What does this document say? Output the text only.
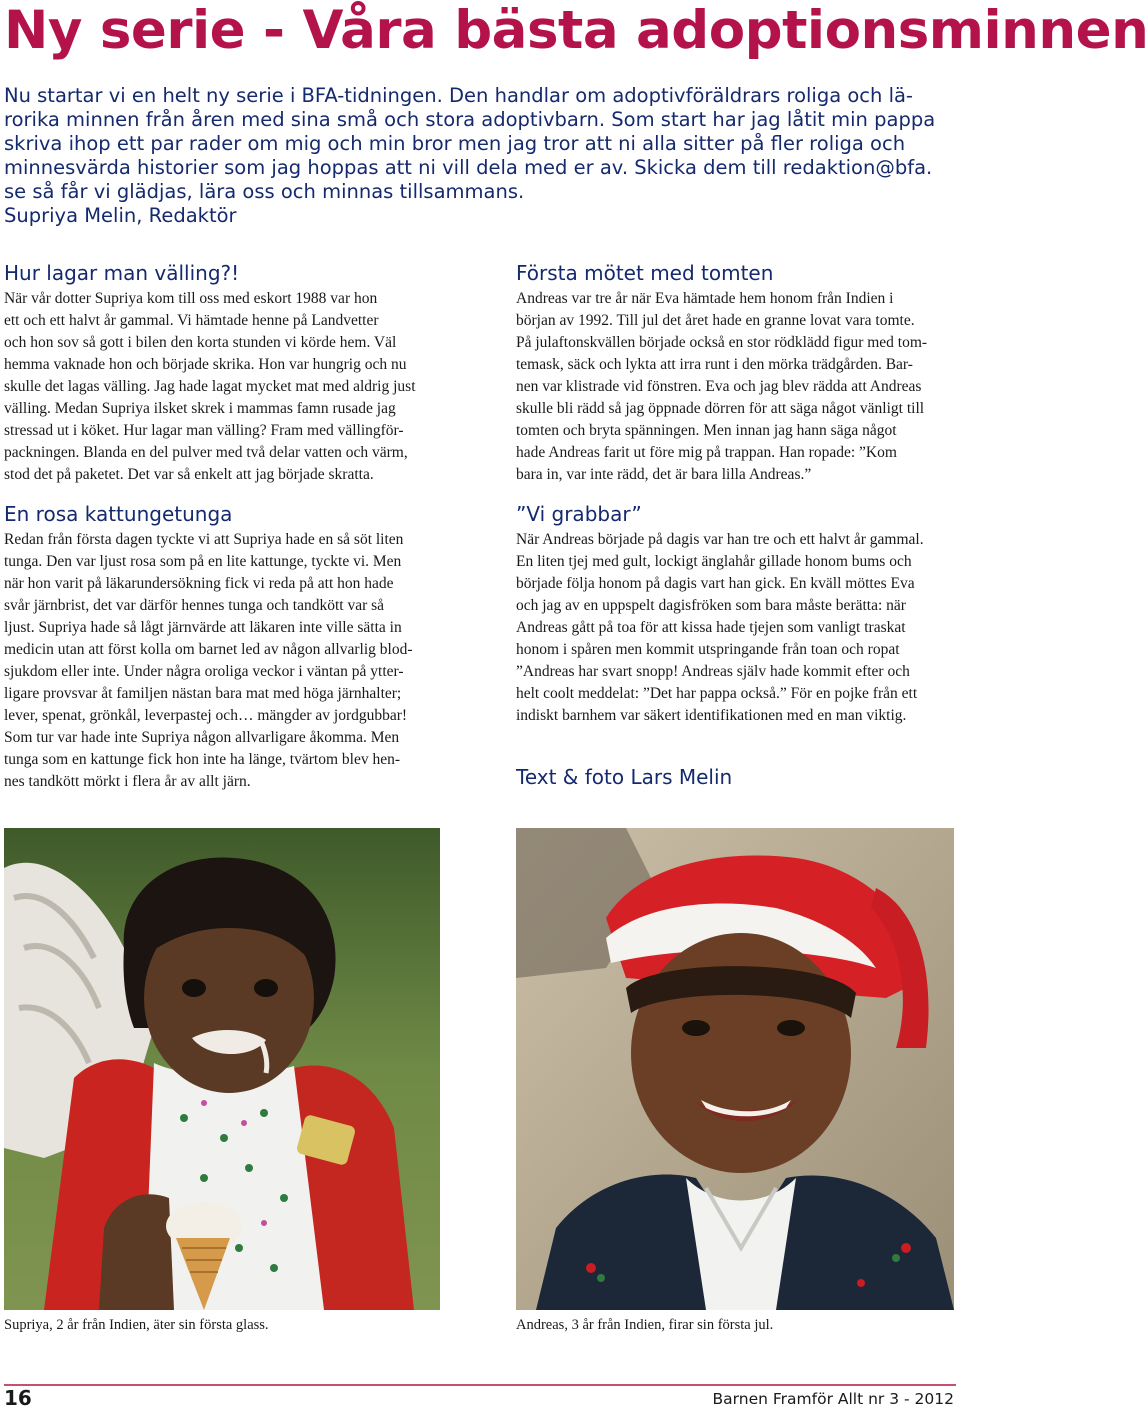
Ny serie - Våra bästa adoptionsminnen

Nu startar vi en helt ny serie i BFA-tidningen. Den handlar om adoptivföräldrars roliga och lä-

rorika minnen från åren med sina små och stora adoptivbarn. Som start har jag låtit min pappa

skriva ihop ett par rader om mig och min bror men jag tror att ni alla sitter på fler roliga och

minnesvärda historier som jag hoppas att ni vill dela med er av. Skicka dem till redaktion@bfa.

se så får vi glädjas, lära oss och minnas tillsammans.

Supriya Melin, Redaktör

Hur lagar man välling?!

När vår dotter Supriya kom till oss med eskort 1988 var hon

ett och ett halvt år gammal. Vi hämtade henne på Landvetter

och hon sov så gott i bilen den korta stunden vi körde hem. Väl

hemma vaknade hon och började skrika. Hon var hungrig och nu

skulle det lagas välling. Jag hade lagat mycket mat med aldrig just

välling. Medan Supriya ilsket skrek i mammas famn rusade jag

stressad ut i köket. Hur lagar man välling? Fram med vällingför-

packningen. Blanda en del pulver med två delar vatten och värm,

stod det på paketet. Det var så enkelt att jag började skratta.

En rosa kattungetunga

Redan från första dagen tyckte vi att Supriya hade en så söt liten

tunga. Den var ljust rosa som på en lite kattunge, tyckte vi. Men

när hon varit på läkarundersökning fick vi reda på att hon hade

svår järnbrist, det var därför hennes tunga och tandkött var så

ljust. Supriya hade så lågt järnvärde att läkaren inte ville sätta in

medicin utan att först kolla om barnet led av någon allvarlig blod-

sjukdom eller inte. Under några oroliga veckor i väntan på ytter-

ligare provsvar åt familjen nästan bara mat med höga järnhalter;

lever, spenat, grönkål, leverpastej och… mängder av jordgubbar!

Som tur var hade inte Supriya någon allvarligare åkomma. Men

tunga som en kattunge fick hon inte ha länge, tvärtom blev hen-

nes tandkött mörkt i flera år av allt järn.

Första mötet med tomten

Andreas var tre år när Eva hämtade hem honom från Indien i

början av 1992. Till jul det året hade en granne lovat vara tomte.

På julaftonskvällen började också en stor rödklädd figur med tom-

temask, säck och lykta att irra runt i den mörka trädgården. Bar-

nen var klistrade vid fönstren. Eva och jag blev rädda att Andreas

skulle bli rädd så jag öppnade dörren för att säga något vänligt till

tomten och bryta spänningen. Men innan jag hann säga något

hade Andreas farit ut före mig på trappan. Han ropade: ”Kom

bara in, var inte rädd, det är bara lilla Andreas.”

”Vi grabbar”

När Andreas började på dagis var han tre och ett halvt år gammal.

En liten tjej med gult, lockigt änglahår gillade honom bums och

började följa honom på dagis vart han gick. En kväll möttes Eva

och jag av en uppspelt dagisfröken som bara måste berätta: när

Andreas gått på toa för att kissa hade tjejen som vanligt traskat

honom i spåren men kommit utspringande från toan och ropat

”Andreas har svart snopp! Andreas själv hade kommit efter och

helt coolt meddelat: ”Det har pappa också.” För en pojke från ett

indiskt barnhem var säkert identifikationen med en man viktig.

Text & foto Lars Melin

Supriya, 2 år från Indien, äter sin första glass.	Andreas, 3 år från Indien, firar sin första jul.

16	Barnen Framför Allt nr 3 - 2012
